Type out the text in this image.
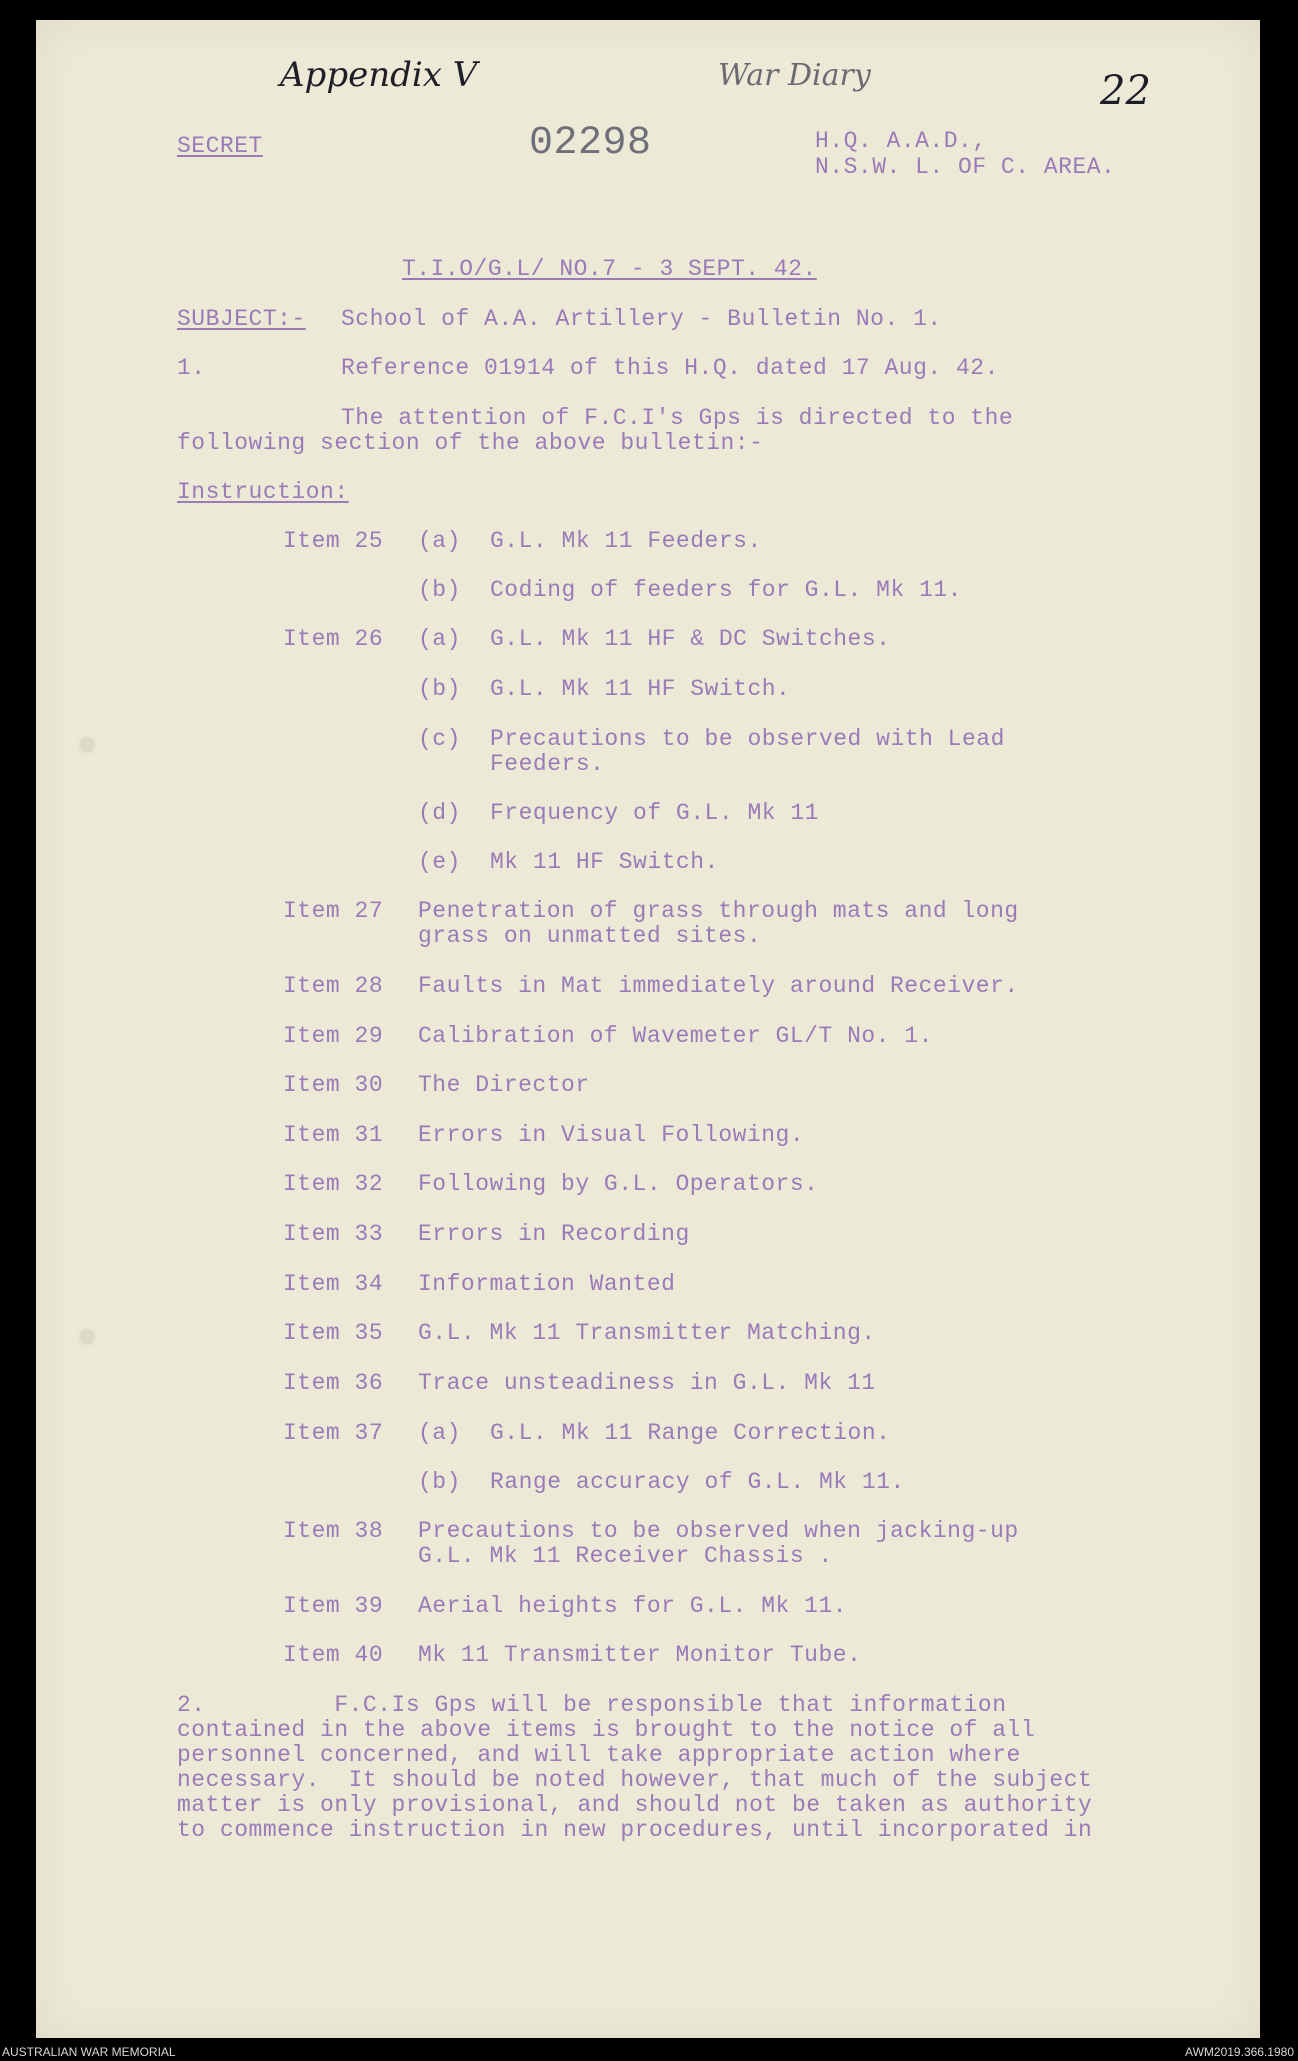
Appendix V	War Diary	22
SECRET	02298	H.Q. A.A.D.,
N.S.W. L. OF C. AREA.
T.I.O/G.L/ NO.7 - 3 SEPT. 42.
SUBJECT:- School of A.A. Artillery - Bulletin No. 1.
1.	Reference 01914 of this H.Q. dated 17 Aug. 42.
The attention of F.C.I's Gps is directed to the
following section of the above bulletin:-
Instruction:
Item 25 (a) G.L. Mk 11 Feeders.
(b) Coding of feeders for G.L. Mk 11.
Item 26 (a) G.L. Mk 11 HF & DC Switches.
(b) G.L. Mk 11 HF Switch.
(c) Precautions to be observed with Lead
Feeders.
(d) Frequency of G.L. Mk 11
(e) Mk 11 HF Switch.
Item 27 Penetration of grass through mats and long
grass on unmatted sites.
Item 28 Faults in Mat immediately around Receiver.
Item 29 Calibration of Wavemeter GL/T No. 1.
Item 30 The Director
Item 31 Errors in Visual Following.
Item 32 Following by G.L. Operators.
Item 33 Errors in Recording
Item 34 Information Wanted
Item 35 G.L. Mk 11 Transmitter Matching.
Item 36 Trace unsteadiness in G.L. Mk 11
Item 37 (a) G.L. Mk 11 Range Correction.
(b) Range accuracy of G.L. Mk 11.
Item 38 Precautions to be observed when jacking-up
G.L. Mk 11 Receiver Chassis .
Item 39 Aerial heights for G.L. Mk 11.
Item 40 Mk 11 Transmitter Monitor Tube.
2.         F.C.Is Gps will be responsible that information
contained in the above items is brought to the notice of all
personnel concerned, and will take appropriate action where
necessary.  It should be noted however, that much of the subject
matter is only provisional, and should not be taken as authority
to commence instruction in new procedures, until incorporated in
AUSTRALIAN WAR MEMORIAL	AWM2019.366.1980
